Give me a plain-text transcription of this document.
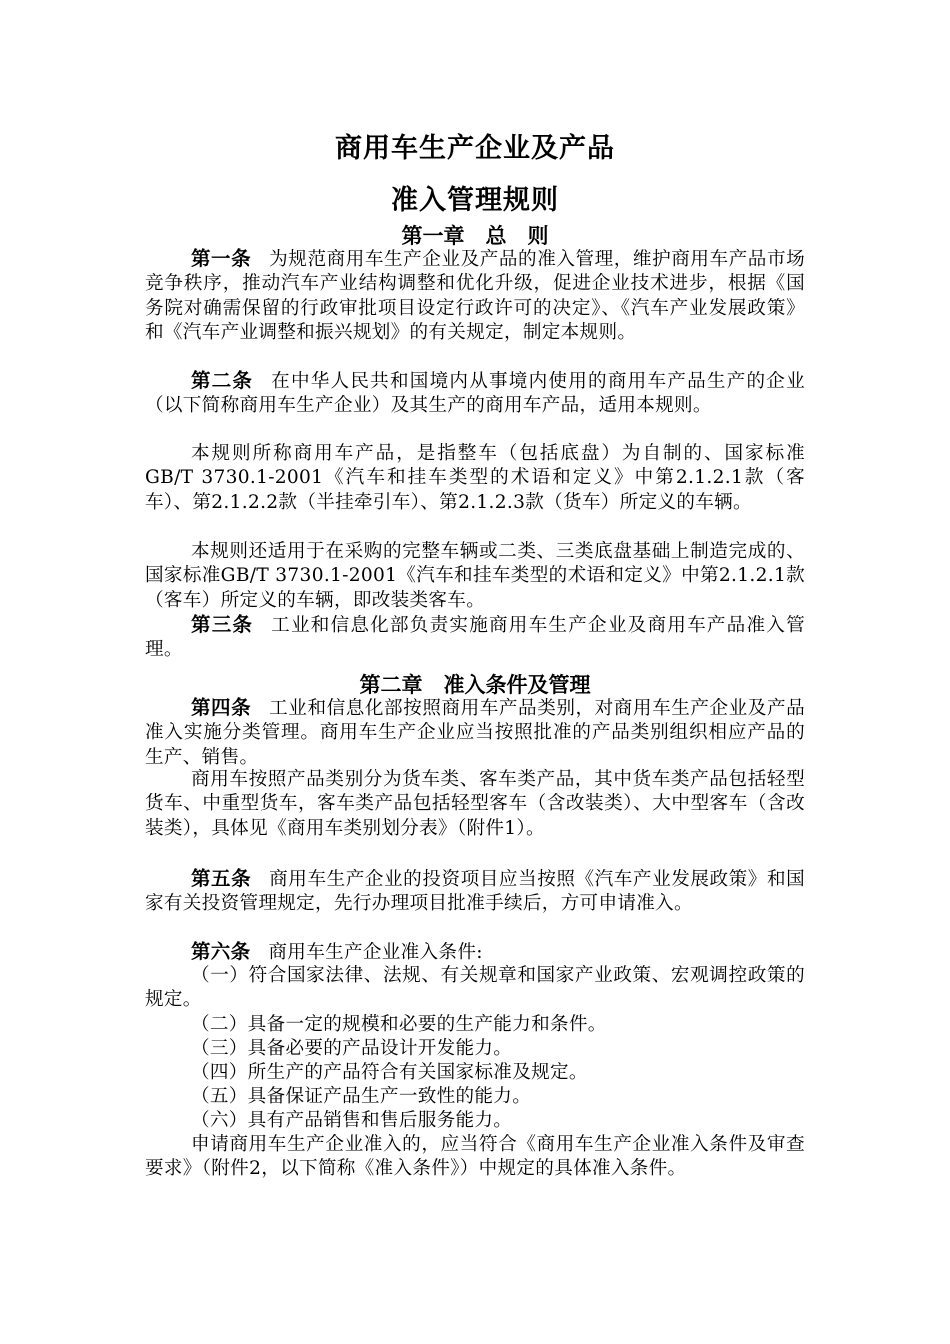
商用车生产企业及产品
准入管理规则
第一章　总　则

第一条 为规范商用车生产企业及产品的准入管理，维护商用车产品市场竞争秩序，推动汽车产业结构调整和优化升级，促进企业技术进步，根据《国务院对确需保留的行政审批项目设定行政许可的决定》、《汽车产业发展政策》和《汽车产业调整和振兴规划》的有关规定，制定本规则。

第二条 在中华人民共和国境内从事境内使用的商用车产品生产的企业（以下简称商用车生产企业）及其生产的商用车产品，适用本规则。

本规则所称商用车产品，是指整车（包括底盘）为自制的、国家标准GB/T 3730.1-2001《汽车和挂车类型的术语和定义》中第2.1.2.1款（客车）、第2.1.2.2款（半挂牵引车）、第2.1.2.3款（货车）所定义的车辆。

本规则还适用于在采购的完整车辆或二类、三类底盘基础上制造完成的、国家标准GB/T 3730.1-2001《汽车和挂车类型的术语和定义》中第2.1.2.1款（客车）所定义的车辆，即改装类客车。

第三条 工业和信息化部负责实施商用车生产企业及商用车产品准入管理。

第二章　准入条件及管理

第四条 工业和信息化部按照商用车产品类别，对商用车生产企业及产品准入实施分类管理。商用车生产企业应当按照批准的产品类别组织相应产品的生产、销售。

商用车按照产品类别分为货车类、客车类产品，其中货车类产品包括轻型货车、中重型货车，客车类产品包括轻型客车（含改装类）、大中型客车（含改装类），具体见《商用车类别划分表》（附件1）。

第五条 商用车生产企业的投资项目应当按照《汽车产业发展政策》和国家有关投资管理规定，先行办理项目批准手续后，方可申请准入。

第六条 商用车生产企业准入条件:

（一）符合国家法律、法规、有关规章和国家产业政策、宏观调控政策的规定。

（二）具备一定的规模和必要的生产能力和条件。

（三）具备必要的产品设计开发能力。

（四）所生产的产品符合有关国家标准及规定。

（五）具备保证产品生产一致性的能力。

（六）具有产品销售和售后服务能力。

申请商用车生产企业准入的，应当符合《商用车生产企业准入条件及审查要求》（附件2，以下简称《准入条件》）中规定的具体准入条件。
